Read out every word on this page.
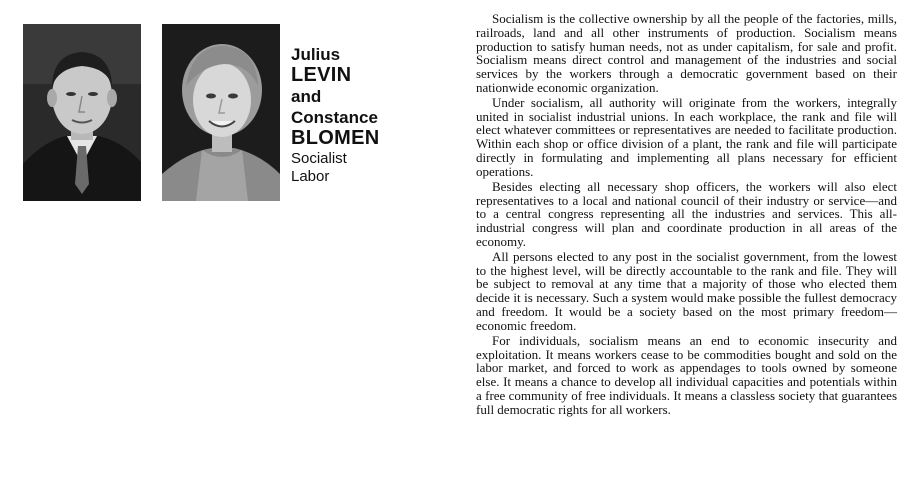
Julius
LEVIN
and
Constance
BLOMEN
Socialist
Labor

Socialism is the collective ownership by all the people of the factories, mills, railroads, land and all other instruments of production. Socialism means production to satisfy human needs, not as under capitalism, for sale and profit. Socialism means direct control and management of the industries and social services by the workers through a democratic government based on their nationwide economic organization.

Under socialism, all authority will originate from the workers, integrally united in socialist industrial unions. In each workplace, the rank and file will elect whatever committees or representatives are needed to facilitate production. Within each shop or office division of a plant, the rank and file will participate directly in formulating and implementing all plans necessary for efficient operations.

Besides electing all necessary shop officers, the workers will also elect representatives to a local and national council of their industry or service—and to a central congress representing all the industries and services. This all-industrial congress will plan and coordinate production in all areas of the economy.

All persons elected to any post in the socialist government, from the lowest to the highest level, will be directly accountable to the rank and file. They will be subject to removal at any time that a majority of those who elected them decide it is necessary. Such a system would make possible the fullest democracy and freedom. It would be a society based on the most primary freedom—economic freedom.

For individuals, socialism means an end to economic insecurity and exploitation. It means workers cease to be commodities bought and sold on the labor market, and forced to work as appendages to tools owned by someone else. It means a chance to develop all individual capacities and potentials within a free community of free individuals. It means a classless society that guarantees full democratic rights for all workers.
